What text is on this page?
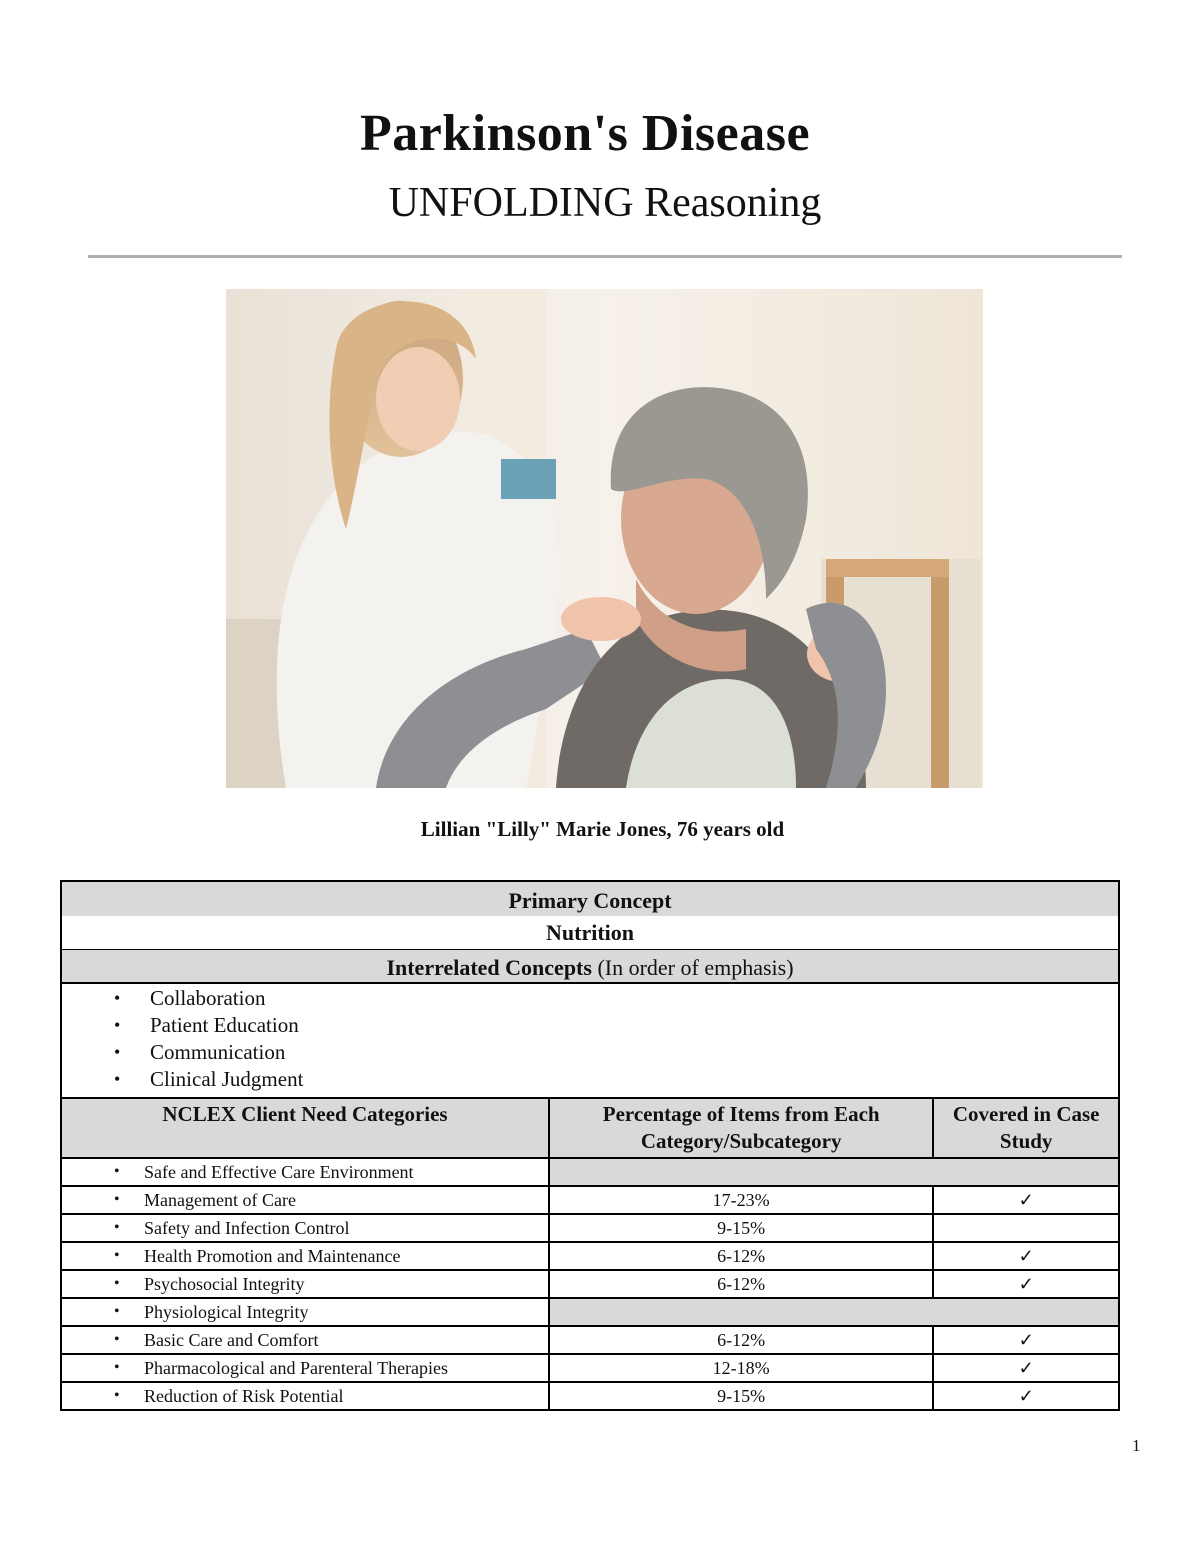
Parkinson's Disease
UNFOLDING Reasoning
Lillian "Lilly" Marie Jones, 76 years old
Primary Concept
Nutrition
Interrelated Concepts (In order of emphasis)
• Collaboration
• Patient Education
• Communication
• Clinical Judgment
NCLEX Client Need Categories	Percentage of Items from Each Category/Subcategory	Covered in Case Study
• Safe and Effective Care Environment	
• Management of Care	17-23%	✓
• Safety and Infection Control	9-15%	
• Health Promotion and Maintenance	6-12%	✓
• Psychosocial Integrity	6-12%	✓
• Physiological Integrity	
• Basic Care and Comfort	6-12%	✓
• Pharmacological and Parenteral Therapies	12-18%	✓
• Reduction of Risk Potential	9-15%	✓
1
